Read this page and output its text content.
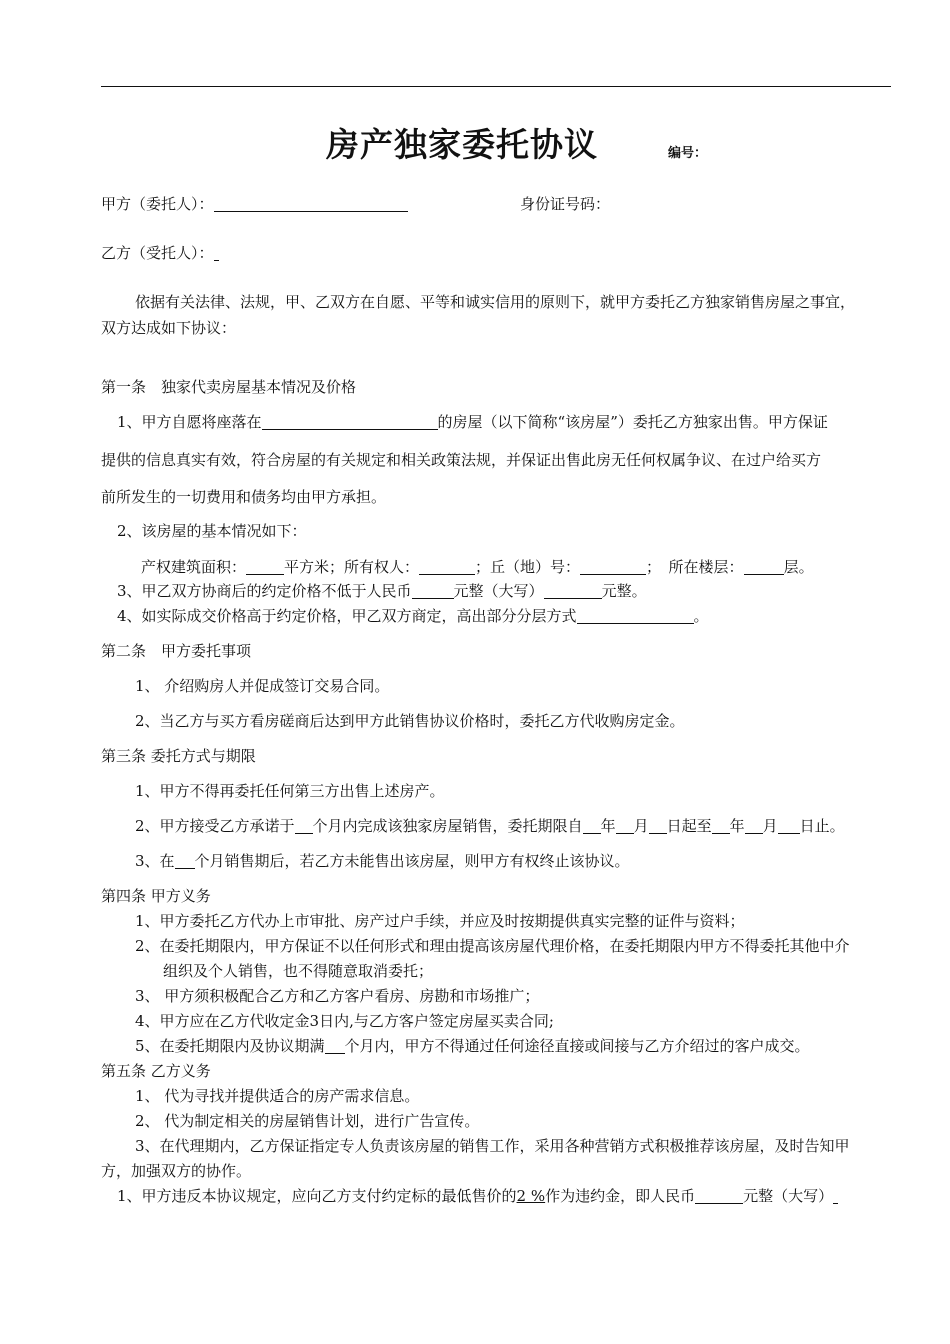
房产独家委托协议	编号：
甲方（委托人）：	身份证号码：
乙方（受托人）：
依据有关法律、法规，甲、乙双方在自愿、平等和诚实信用的原则下，就甲方委托乙方独家销售房屋之事宜，
双方达成如下协议：
第一条　独家代卖房屋基本情况及价格
1、甲方自愿将座落在	的房屋（以下简称“该房屋”）委托乙方独家出售。甲方保证
提供的信息真实有效，符合房屋的有关规定和相关政策法规，并保证出售此房无任何权属争议、在过户给买方
前所发生的一切费用和债务均由甲方承担。
2、该房屋的基本情况如下：
产权建筑面积：	平方米；所有权人：	；丘（地）号：	；　所在楼层：	层。
3、甲乙双方协商后的约定价格不低于人民币	元整（大写）	元整。
4、如实际成交价格高于约定价格，甲乙双方商定，高出部分分层方式	。
第二条　甲方委托事项
1、 介绍购房人并促成签订交易合同。
2、当乙方与买方看房磋商后达到甲方此销售协议价格时，委托乙方代收购房定金。
第三条 委托方式与期限
1、甲方不得再委托任何第三方出售上述房产。
2、甲方接受乙方承诺于 个月内完成该独家房屋销售，委托期限自 年 月 日起至 年 月 日止。
3、在 个月销售期后，若乙方未能售出该房屋，则甲方有权终止该协议。
第四条 甲方义务
1、甲方委托乙方代办上市审批、房产过户手续，并应及时按期提供真实完整的证件与资料；
2、在委托期限内，甲方保证不以任何形式和理由提高该房屋代理价格，在委托期限内甲方不得委托其他中介
组织及个人销售，也不得随意取消委托；
3、 甲方须积极配合乙方和乙方客户看房、房勘和市场推广；
4、甲方应在乙方代收定金3日内,与乙方客户签定房屋买卖合同;
5、在委托期限内及协议期满 个月内，甲方不得通过任何途径直接或间接与乙方介绍过的客户成交。
第五条 乙方义务
1、 代为寻找并提供适合的房产需求信息。
2、 代为制定相关的房屋销售计划，进行广告宣传。
3、在代理期内，乙方保证指定专人负责该房屋的销售工作，采用各种营销方式积极推荐该房屋，及时告知甲
方，加强双方的协作。
1、甲方违反本协议规定，应向乙方支付约定标的最低售价的2 %作为违约金，即人民币	元整（大写）
